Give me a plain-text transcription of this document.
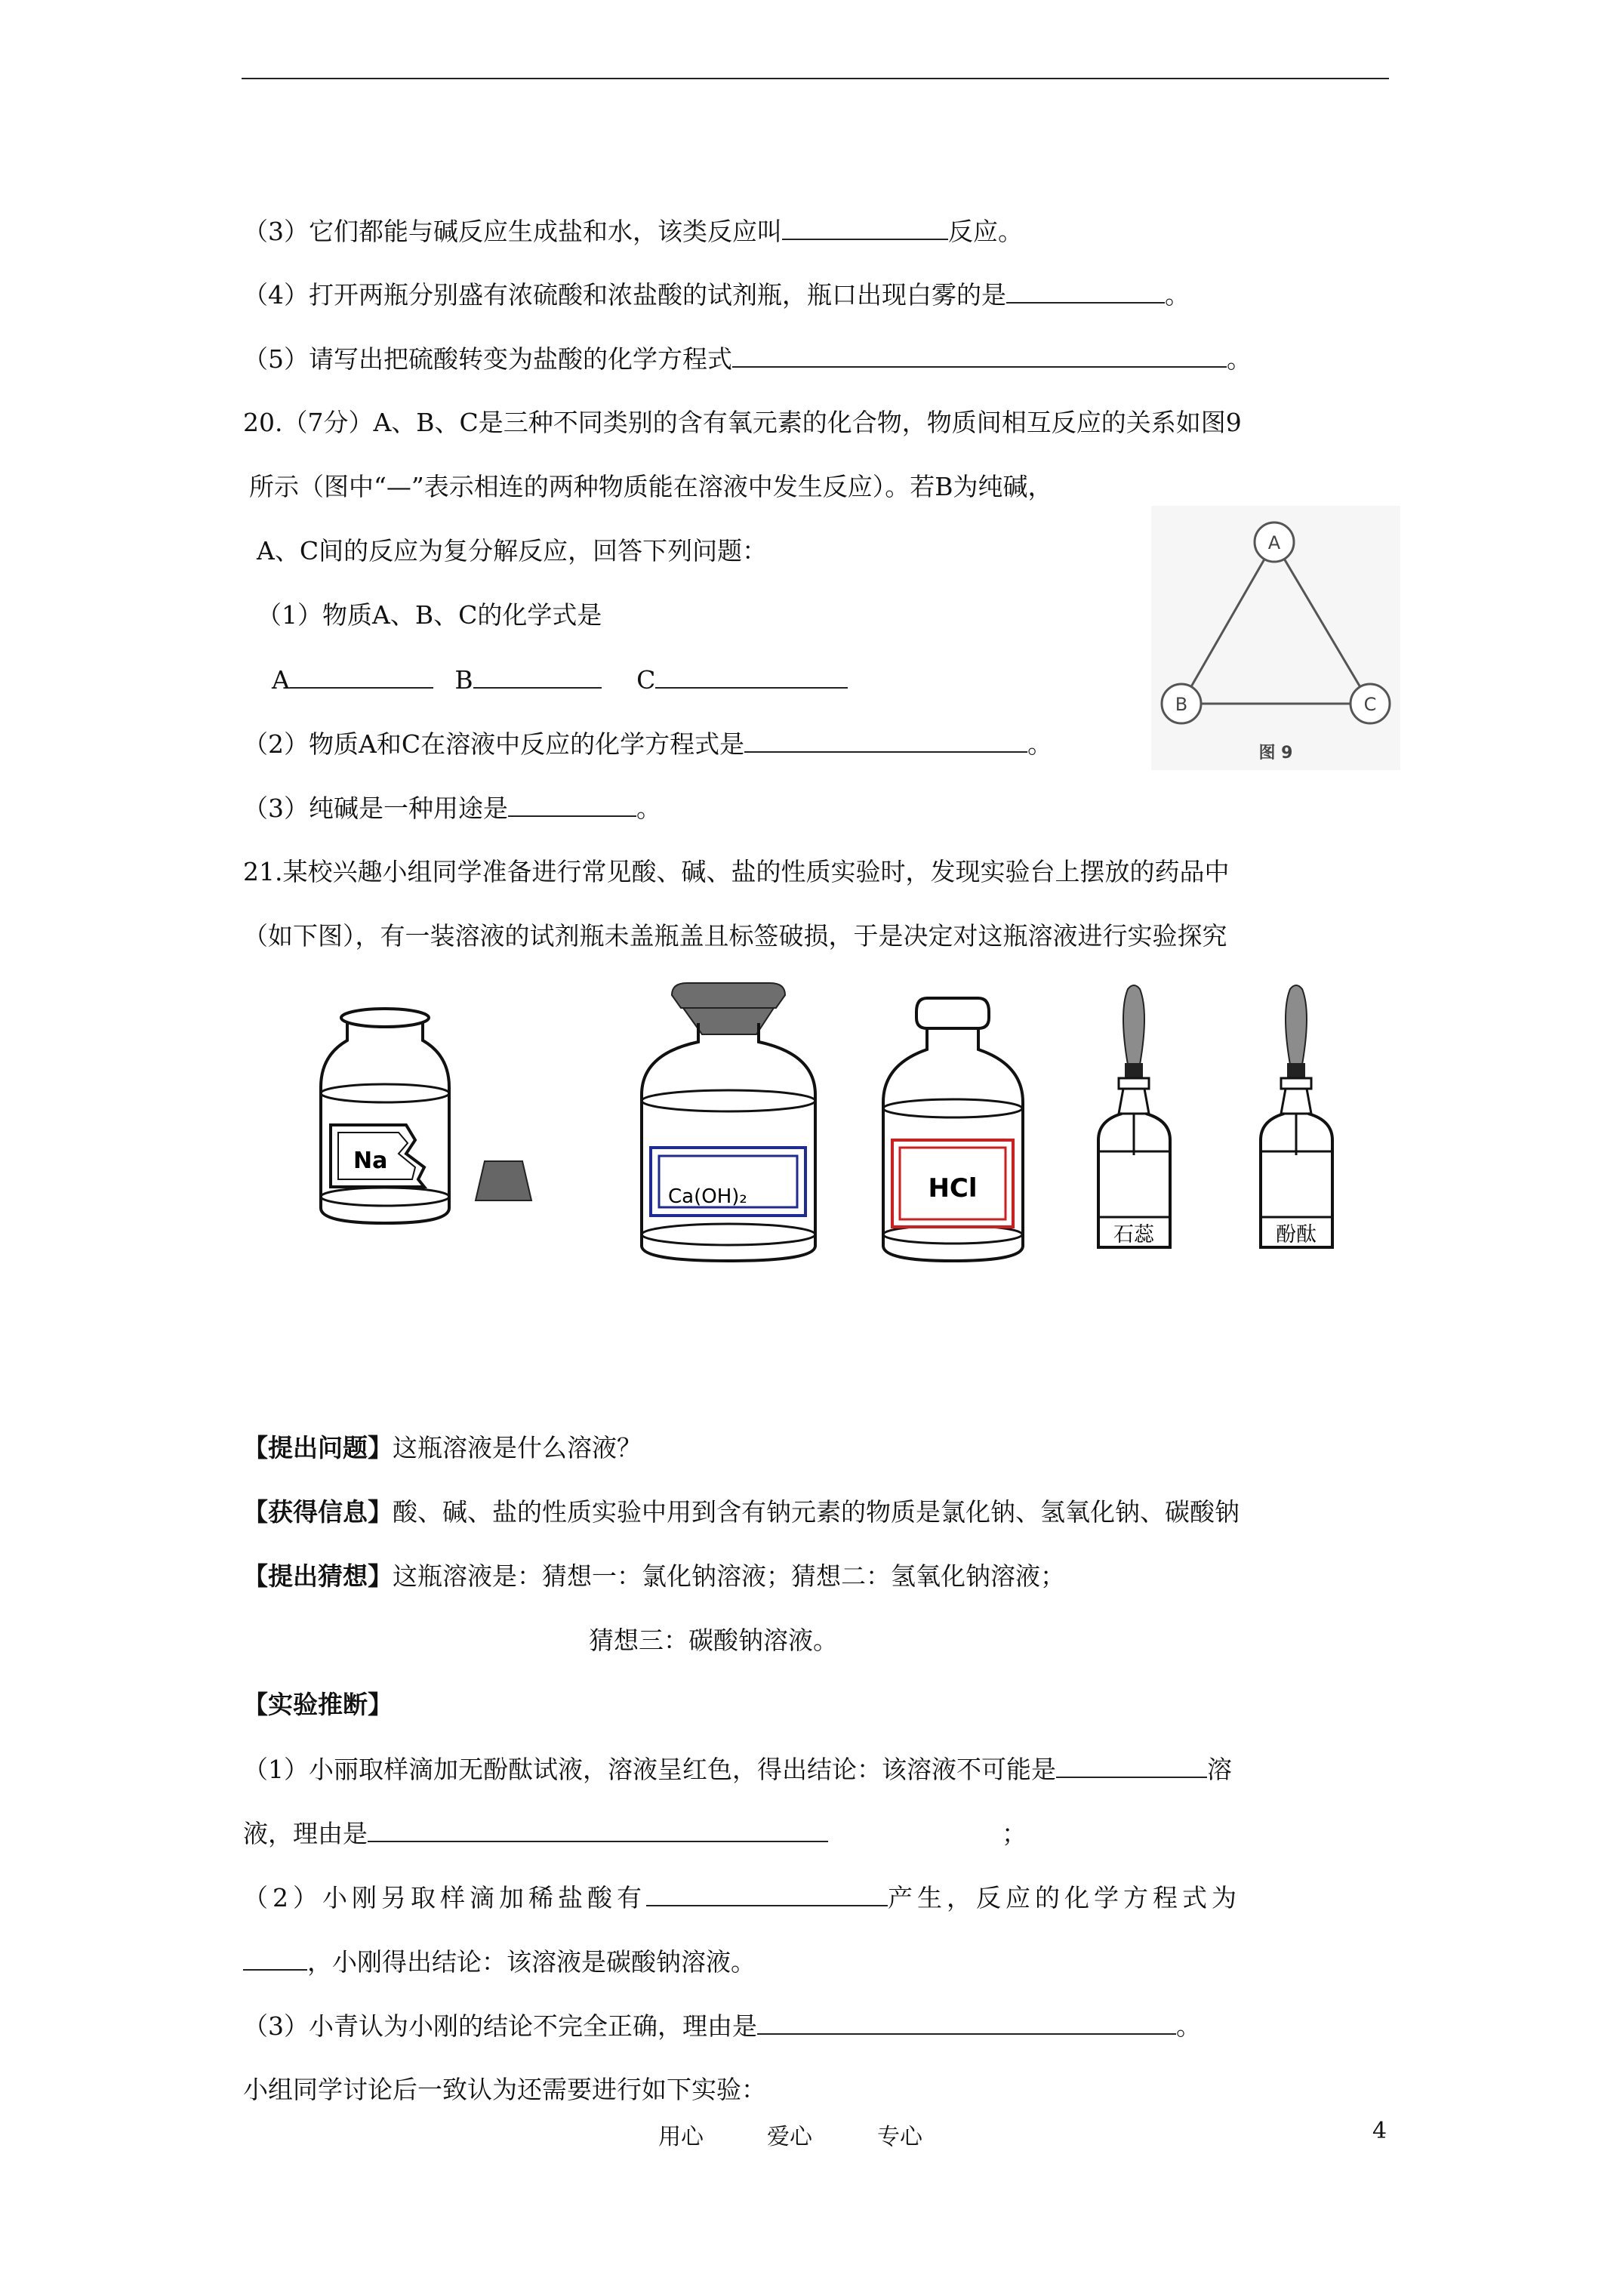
（3）它们都能与碱反应生成盐和水，该类反应叫	反应。
（4）打开两瓶分别盛有浓硫酸和浓盐酸的试剂瓶，瓶口出现白雾的是	。
（5）请写出把硫酸转变为盐酸的化学方程式	。
20.（7分）A、B、C是三种不同类别的含有氧元素的化合物，物质间相互反应的关系如图9
所示（图中“—”表示相连的两种物质能在溶液中发生反应）。若B为纯碱，
A、C间的反应为复分解反应，回答下列问题：
（1）物质A、B、C的化学式是
A	B	C
（2）物质A和C在溶液中反应的化学方程式是	。
（3）纯碱是一种用途是	。
A
B	C
图 9
21.某校兴趣小组同学准备进行常见酸、碱、盐的性质实验时，发现实验台上摆放的药品中
（如下图），有一装溶液的试剂瓶未盖瓶盖且标签破损，于是决定对这瓶溶液进行实验探究
Na
Ca(OH)₂	HCl
石蕊	酚酞
【提出问题】这瓶溶液是什么溶液？
【获得信息】酸、碱、盐的性质实验中用到含有钠元素的物质是氯化钠、氢氧化钠、碳酸钠
【提出猜想】这瓶溶液是：猜想一：氯化钠溶液；猜想二：氢氧化钠溶液；
猜想三：碳酸钠溶液。
【实验推断】
（1）小丽取样滴加无酚酞试液，溶液呈红色，得出结论：该溶液不可能是	溶
液，理由是	；
（2）小刚另取样滴加稀盐酸有	产生，反应的化学方程式为
，小刚得出结论：该溶液是碳酸钠溶液。
（3）小青认为小刚的结论不完全正确，理由是	。
小组同学讨论后一致认为还需要进行如下实验：
用心	爱心	专心	4
